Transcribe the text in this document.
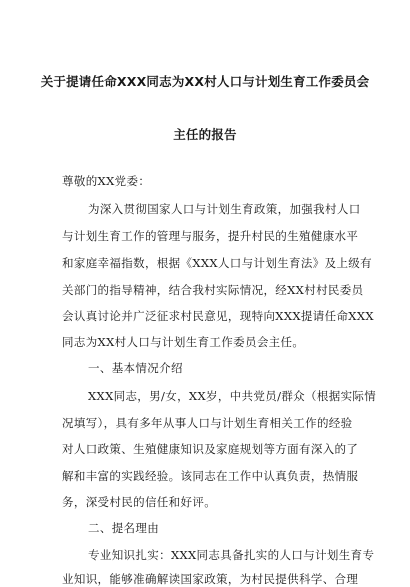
关于提请任命XXX同志为XX村人口与计划生育工作委员会
主任的报告
尊敬的XX党委：
为深入贯彻国家人口与计划生育政策，加强我村人口
与计划生育工作的管理与服务，提升村民的生殖健康水平
和家庭幸福指数，根据《XXX人口与计划生育法》及上级有
关部门的指导精神，结合我村实际情况，经XX村村民委员
会认真讨论并广泛征求村民意见，现特向XXX提请任命XXX
同志为XX村人口与计划生育工作委员会主任。
一、基本情况介绍
XXX同志，男/女，XX岁，中共党员/群众（根据实际情
况填写），具有多年从事人口与计划生育相关工作的经验
对人口政策、生殖健康知识及家庭规划等方面有深入的了
解和丰富的实践经验。该同志在工作中认真负责，热情服
务，深受村民的信任和好评。
二、提名理由
专业知识扎实：XXX同志具备扎实的人口与计划生育专
业知识，能够准确解读国家政策，为村民提供科学、合理
